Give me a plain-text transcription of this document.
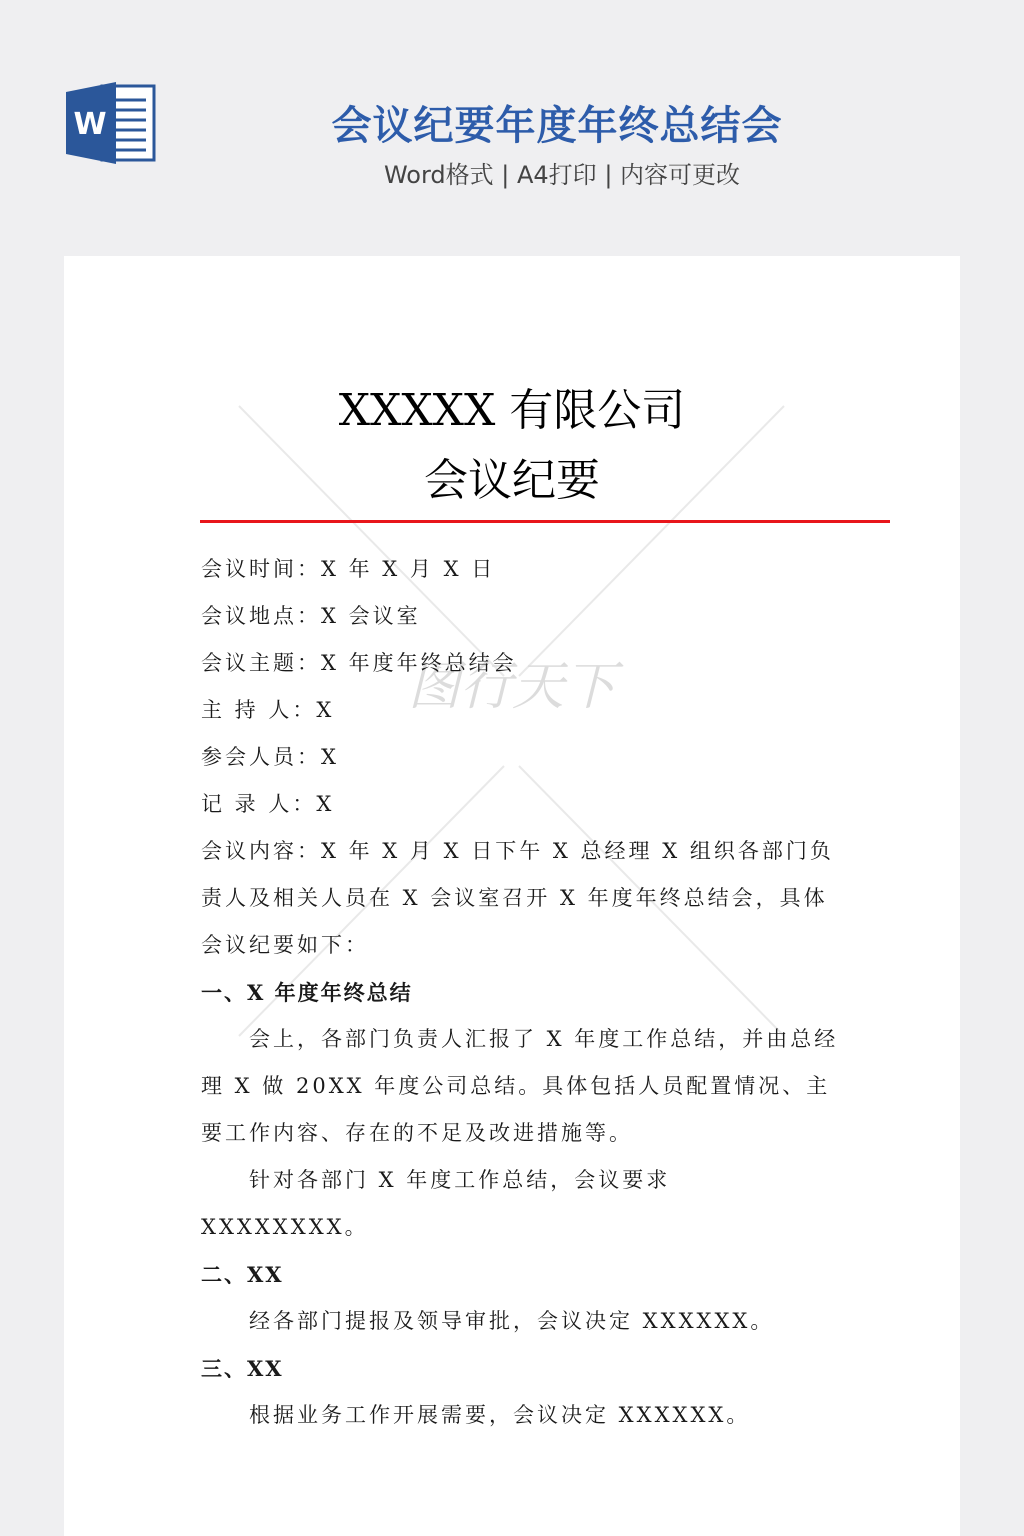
W	会议纪要年度年终总结会
Word格式 | A4打印 | 内容可更改
图行天下
XXXXX 有限公司
会议纪要
会议时间：X 年 X 月 X 日
会议地点：X 会议室
会议主题：X 年度年终总结会
主 持 人：X
参会人员：X
记 录 人：X
会议内容：X 年 X 月 X 日下午 X 总经理 X 组织各部门负责人及相关人员在 X 会议室召开 X 年度年终总结会，具体会议纪要如下：
一、X 年度年终总结
会上，各部门负责人汇报了 X 年度工作总结，并由总经理 X 做 20XX 年度公司总结。具体包括人员配置情况、主要工作内容、存在的不足及改进措施等。
针对各部门 X 年度工作总结，会议要求 XXXXXXXX。
二、XX
经各部门提报及领导审批，会议决定 XXXXXX。
三、XX
根据业务工作开展需要，会议决定 XXXXXX。
